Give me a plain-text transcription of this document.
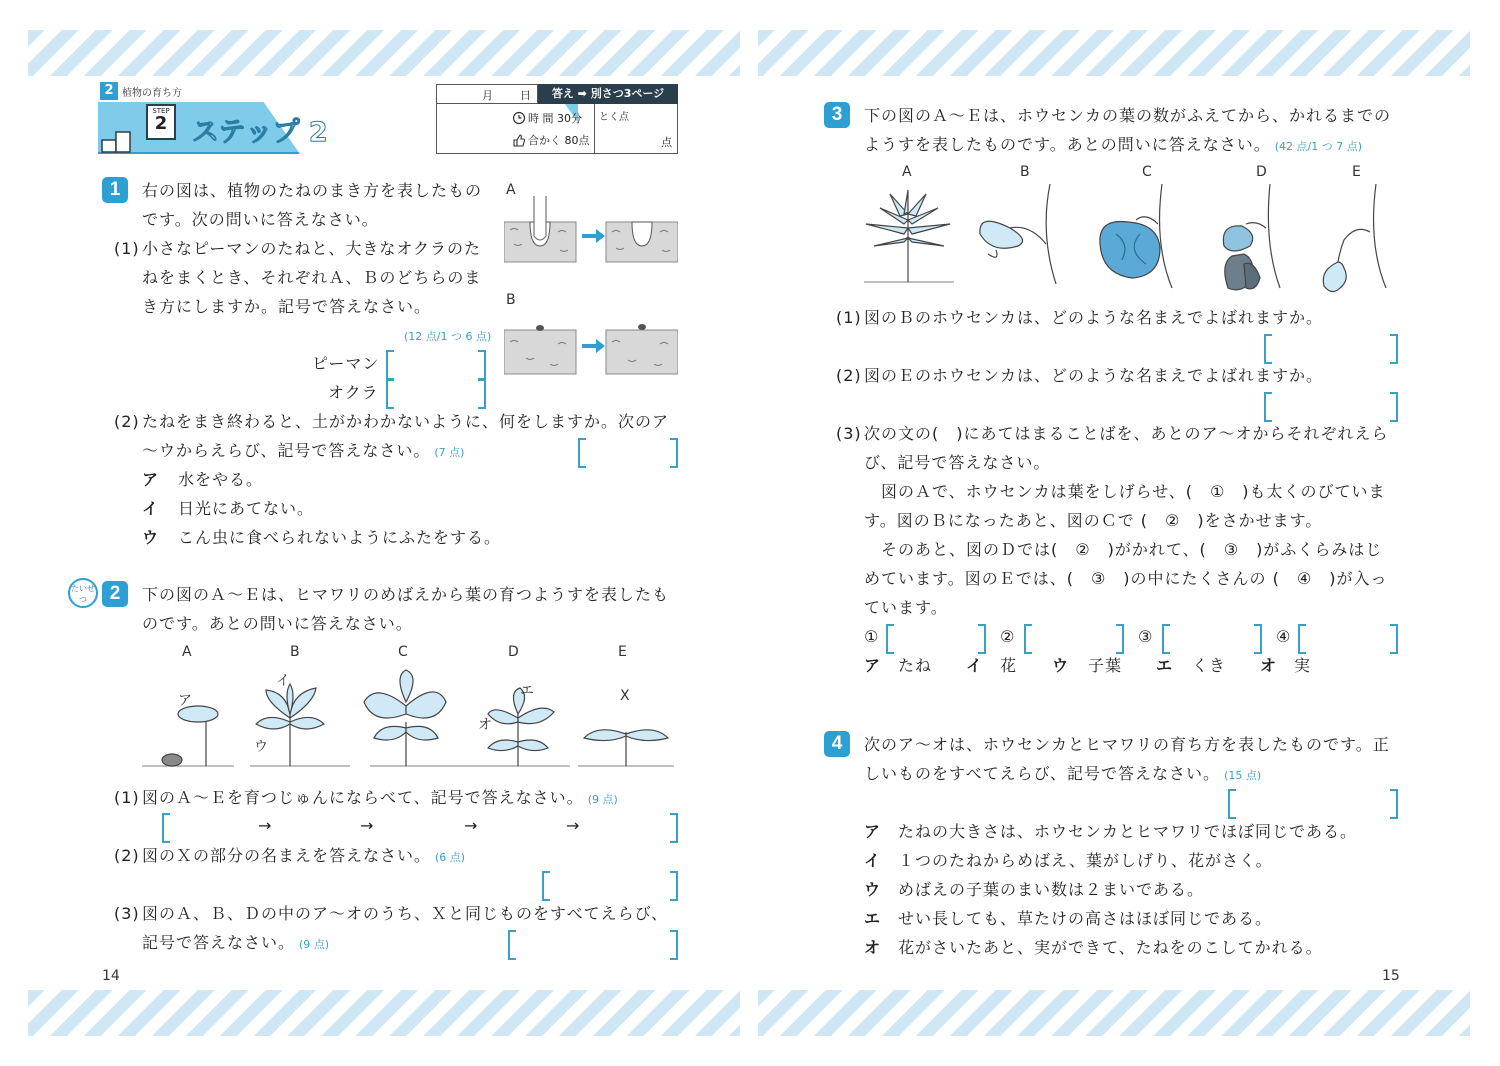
2 植物の育ち方
STEP
2 ステップ 2
月 日	答え ➡ 別さつ3ページ
時 間 30分
合かく 80点
とく点
点
1	右の図は、植物のたねのまき方を表したもの
です。次の問いに答えなさい。
(1) 小さなピーマンのたねと、大きなオクラのた
ねをまくとき、それぞれＡ、Ｂのどちらのま
き方にしますか。記号で答えなさい。
(12 点/1 つ 6 点)
ピーマン
オクラ
A
B
(2) たねをまき終わると、土がかわかないように、何をしますか。次のア
〜ウからえらび、記号で答えなさい。 (7 点)
ア 水をやる。
イ 日光にあてない。
ウ こん虫に食べられないようにふたをする。
たいせつ	2	下の図のＡ〜Ｅは、ヒマワリのめばえから葉の育つようすを表したも
のです。あとの問いに答えなさい。
A	B	C	D	E
ア
イ
ウ
エ
オ
X
(1) 図のＡ〜Ｅを育つじゅんにならべて、記号で答えなさい。 (9 点)
→	→	→	→
(2) 図のＸの部分の名まえを答えなさい。 (6 点)
(3) 図のＡ、Ｂ、Ｄの中のア〜オのうち、Ｘと同じものをすべてえらび、
記号で答えなさい。 (9 点)
14
3	下の図のＡ〜Ｅは、ホウセンカの葉の数がふえてから、かれるまでの
ようすを表したものです。あとの問いに答えなさい。 (42 点/1 つ 7 点)
A	B	C	D	E
(1) 図のＢのホウセンカは、どのような名まえでよばれますか。
(2) 図のＥのホウセンカは、どのような名まえでよばれますか。
(3) 次の文の(　)にあてはまることばを、あとのア〜オからそれぞれえら
び、記号で答えなさい。
　図のＡで、ホウセンカは葉をしげらせ、(　①　)も太くのびていま
す。図のＢになったあと、図のＣで (　②　)をさかせます。
　そのあと、図のＤでは(　②　)がかれて、(　③　)がふくらみはじ
めています。図のＥでは、(　③　)の中にたくさんの (　④　)が入っ
ています。
①	②	③	④
ア たね イ 花 ウ 子葉 エ くき オ 実
4	次のア〜オは、ホウセンカとヒマワリの育ち方を表したものです。正
しいものをすべてえらび、記号で答えなさい。 (15 点)
ア たねの大きさは、ホウセンカとヒマワリでほぼ同じである。
イ １つのたねからめばえ、葉がしげり、花がさく。
ウ めばえの子葉のまい数は２まいである。
エ せい長しても、草たけの高さはほぼ同じである。
オ 花がさいたあと、実ができて、たねをのこしてかれる。
15
